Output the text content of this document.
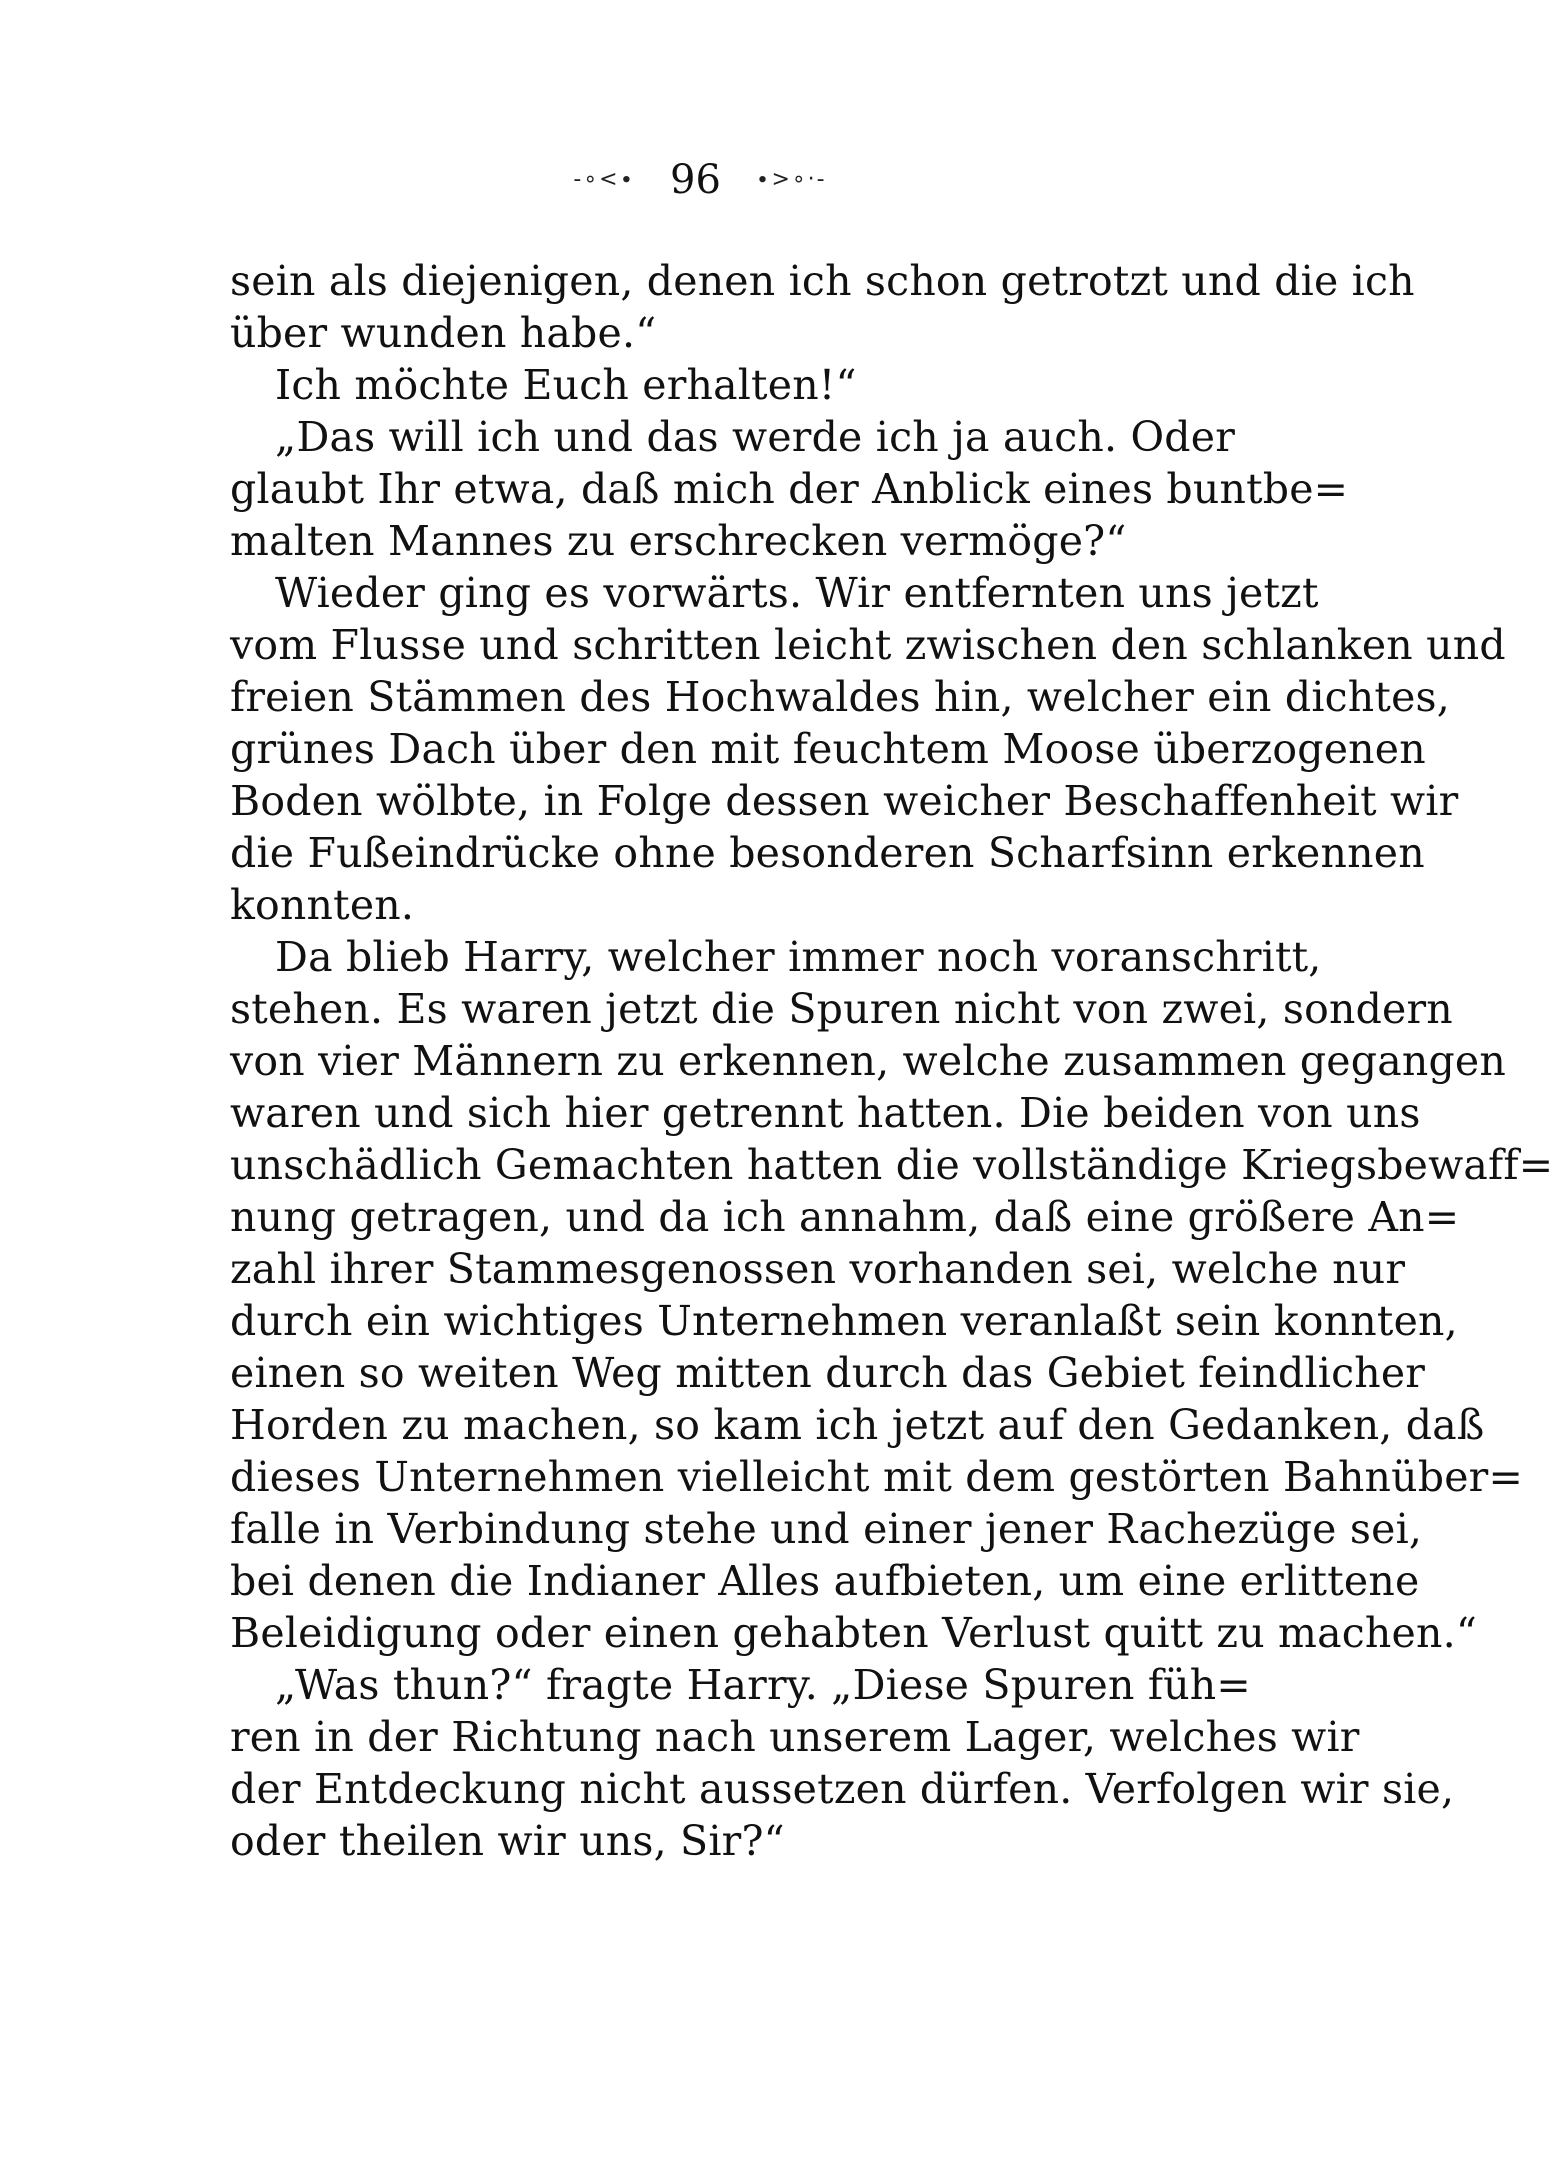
-∘<∙ 96 ∙>∘·-
sein als diejenigen, denen ich schon getrotzt und die ich
über wunden habe.“
Ich möchte Euch erhalten!“
„Das will ich und das werde ich ja auch. Oder
glaubt Ihr etwa, daß mich der Anblick eines buntbe=
malten Mannes zu erschrecken vermöge?“
Wieder ging es vorwärts. Wir entfernten uns jetzt
vom Flusse und schritten leicht zwischen den schlanken und
freien Stämmen des Hochwaldes hin, welcher ein dichtes,
grünes Dach über den mit feuchtem Moose überzogenen
Boden wölbte, in Folge dessen weicher Beschaffenheit wir
die Fußeindrücke ohne besonderen Scharfsinn erkennen
konnten.
Da blieb Harry, welcher immer noch voranschritt,
stehen. Es waren jetzt die Spuren nicht von zwei, sondern
von vier Männern zu erkennen, welche zusammen gegangen
waren und sich hier getrennt hatten. Die beiden von uns
unschädlich Gemachten hatten die vollständige Kriegsbewaff=
nung getragen, und da ich annahm, daß eine größere An=
zahl ihrer Stammesgenossen vorhanden sei, welche nur
durch ein wichtiges Unternehmen veranlaßt sein konnten,
einen so weiten Weg mitten durch das Gebiet feindlicher
Horden zu machen, so kam ich jetzt auf den Gedanken, daß
dieses Unternehmen vielleicht mit dem gestörten Bahnüber=
falle in Verbindung stehe und einer jener Rachezüge sei,
bei denen die Indianer Alles aufbieten, um eine erlittene
Beleidigung oder einen gehabten Verlust quitt zu machen.“
„Was thun?“ fragte Harry. „Diese Spuren füh=
ren in der Richtung nach unserem Lager, welches wir
der Entdeckung nicht aussetzen dürfen. Verfolgen wir sie,
oder theilen wir uns, Sir?“
